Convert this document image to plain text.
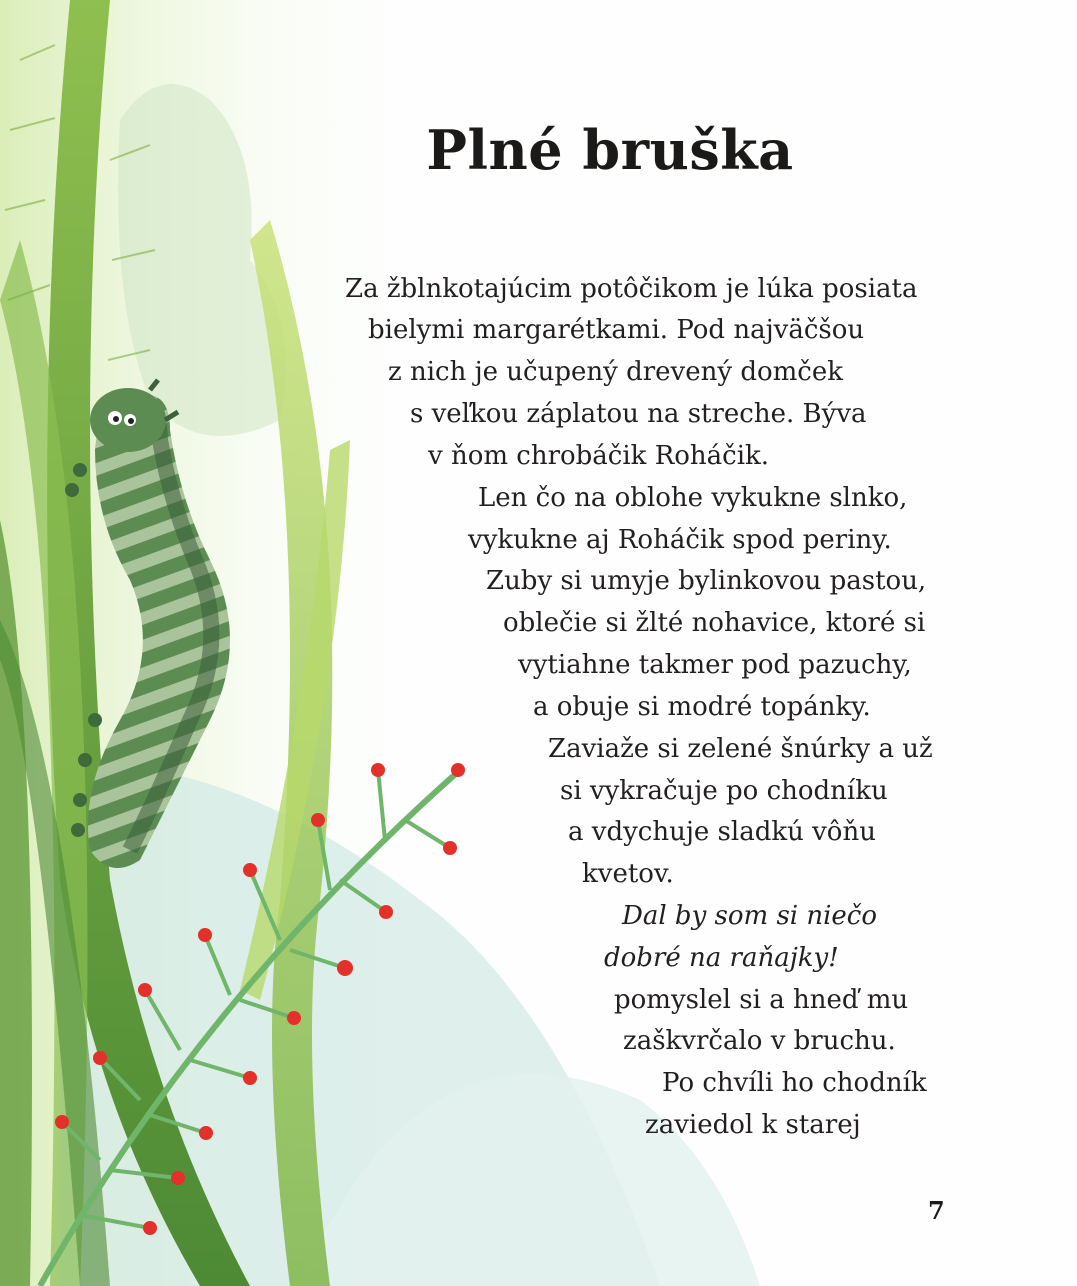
Plné bruška
Za žblnkotajúcim potôčikom je lúka posiata
bielymi margarétkami. Pod najväčšou
z nich je učupený drevený domček
s veľkou záplatou na streche. Býva
v ňom chrobáčik Roháčik.
Len čo na oblohe vykukne slnko,
vykukne aj Roháčik spod periny.
Zuby si umyje bylinkovou pastou,
oblečie si žlté nohavice, ktoré si
vytiahne takmer pod pazuchy,
a obuje si modré topánky.
Zaviaže si zelené šnúrky a už
si vykračuje po chodníku
a vdychuje sladkú vôňu
kvetov.
Dal by som si niečo
dobré na raňajky!
pomyslel si a hneď mu
zaškvrčalo v bruchu.
Po chvíli ho chodník
zaviedol k starej
7
